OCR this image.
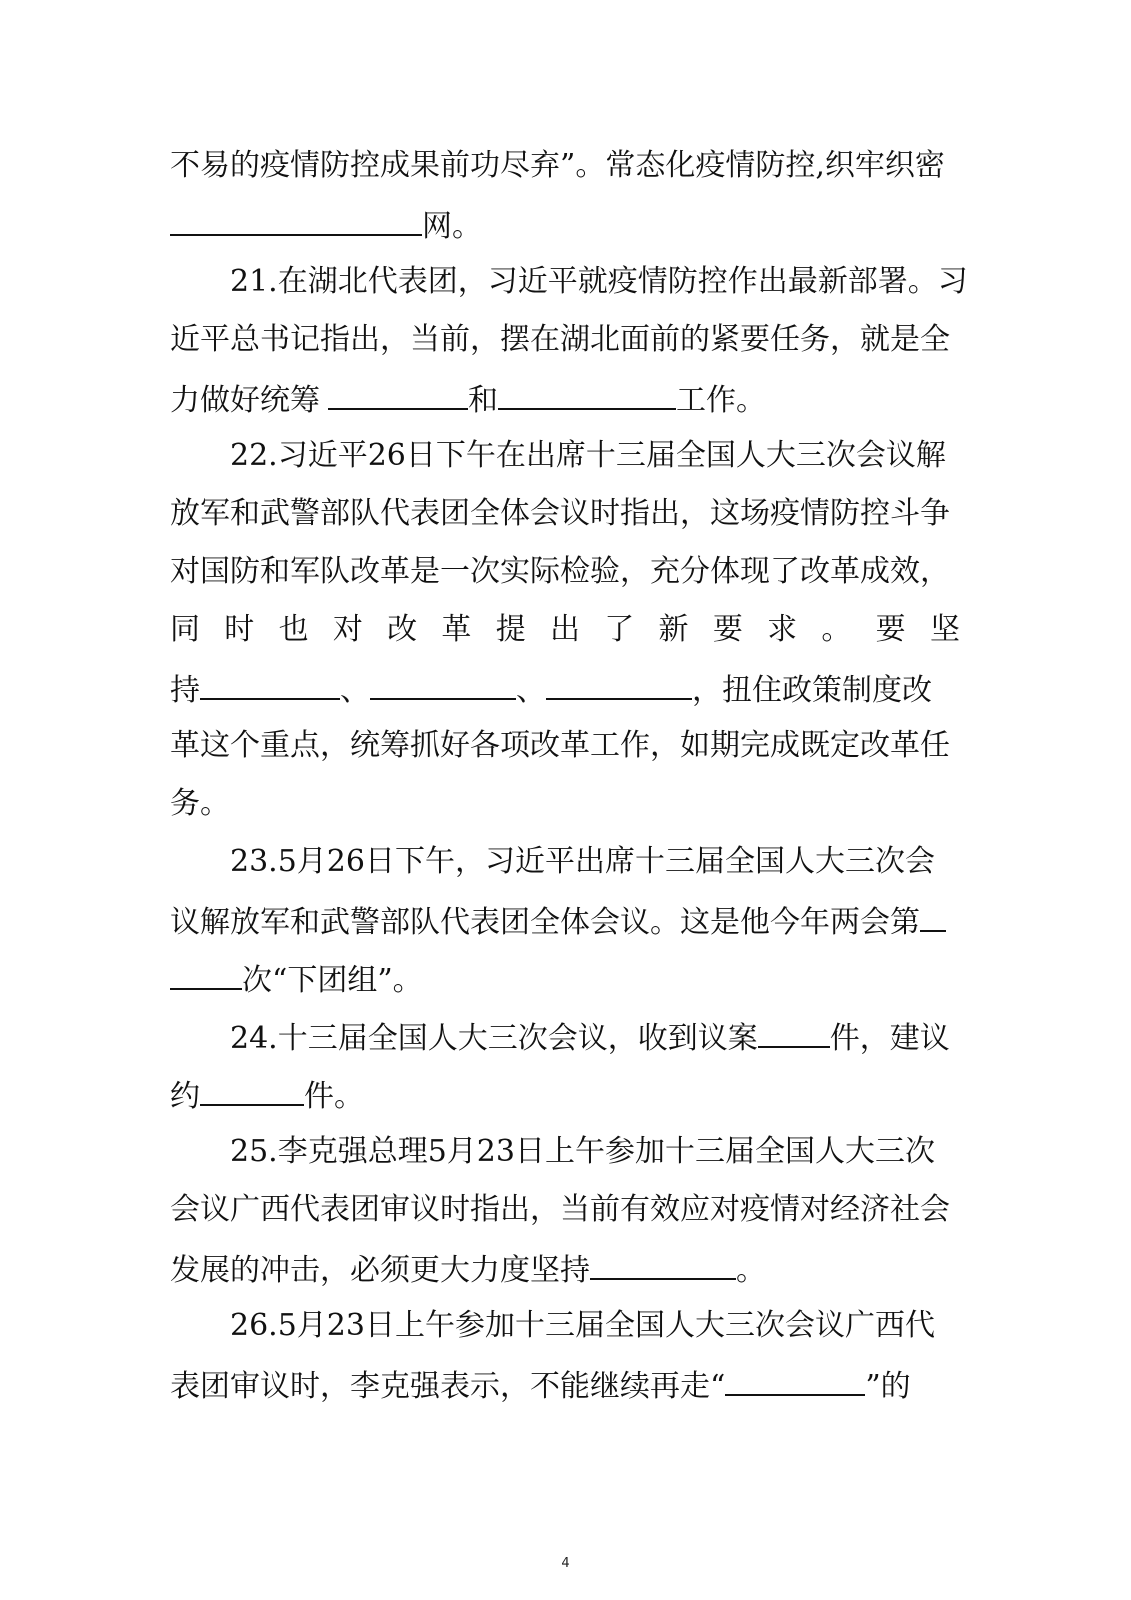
不易的疫情防控成果前功尽弃”。常态化疫情防控,织牢织密
网。
21.在湖北代表团，习近平就疫情防控作出最新部署。习
近平总书记指出，当前，摆在湖北面前的紧要任务，就是全
力做好统筹	和	工作。
22.习近平26日下午在出席十三届全国人大三次会议解
放军和武警部队代表团全体会议时指出，这场疫情防控斗争
对国防和军队改革是一次实际检验，充分体现了改革成效，
同 时 也 对 改 革 提 出 了 新 要 求 。 要 坚
持	、	、	，扭住政策制度改
革这个重点，统筹抓好各项改革工作，如期完成既定改革任
务。
23.5月26日下午，习近平出席十三届全国人大三次会
议解放军和武警部队代表团全体会议。这是他今年两会第
次“下团组”。
24.十三届全国人大三次会议，收到议案 件，建议
约	件。
25.李克强总理5月23日上午参加十三届全国人大三次
会议广西代表团审议时指出，当前有效应对疫情对经济社会
发展的冲击，必须更大力度坚持	。
26.5月23日上午参加十三届全国人大三次会议广西代
表团审议时，李克强表示，不能继续再走“	”的
4
